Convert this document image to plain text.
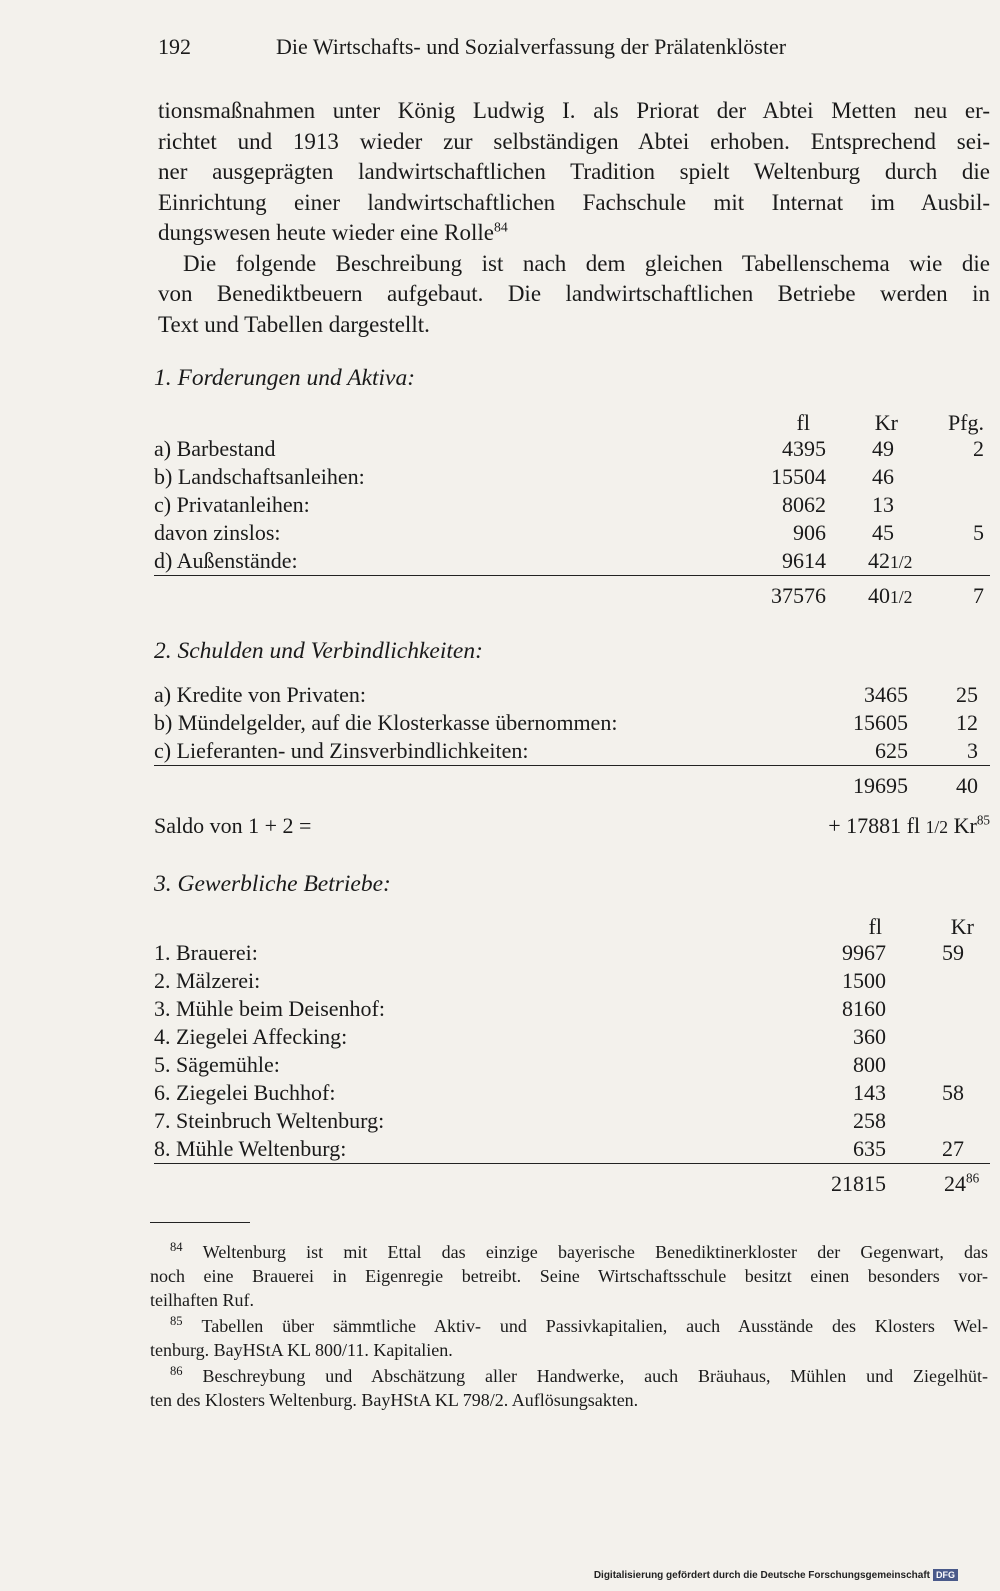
192	Die Wirtschafts- und Sozialverfassung der Prälatenklöster
tionsmaßnahmen unter König Ludwig I. als Priorat der Abtei Metten neu er-
richtet und 1913 wieder zur selbständigen Abtei erhoben. Entsprechend sei-
ner ausgeprägten landwirtschaftlichen Tradition spielt Weltenburg durch die
Einrichtung einer landwirtschaftlichen Fachschule mit Internat im Ausbil-
dungswesen heute wieder eine Rolle$^{84}$
Die folgende Beschreibung ist nach dem gleichen Tabellenschema wie die
von Benediktbeuern aufgebaut. Die landwirtschaftlichen Betriebe werden in
Text und Tabellen dargestellt.
1. Forderungen und Aktiva:
fl	Kr Pfg.
a) Barbestand	4395 49	2
b) Landschaftsanleihen:	15504 46
c) Privatanleihen:	8062 13
davon zinslos:	906 45	5
d) Außenstände:	9614 421/2
37576 401/2	7
2. Schulden und Verbindlichkeiten:
a) Kredite von Privaten:	3465 25
b) Mündelgelder, auf die Klosterkasse übernommen:	15605 12
c) Lieferanten- und Zinsverbindlichkeiten:	625	3
19695 40
Saldo von 1 + 2 =	+ 17881 fl 1/2 Kr$^{85}$
3. Gewerbliche Betriebe:
fl	Kr
1. Brauerei:	9967	59
2. Mälzerei:	1500
3. Mühle beim Deisenhof:	8160
4. Ziegelei Affecking:	360
5. Sägemühle:	800
6. Ziegelei Buchhof:	143	58
7. Steinbruch Weltenburg:	258
8. Mühle Weltenburg:	635	27
21815	$24^{86}$
$^{84}$ Weltenburg ist mit Ettal das einzige bayerische Benediktinerkloster der Gegenwart, das
noch eine Brauerei in Eigenregie betreibt. Seine Wirtschaftsschule besitzt einen besonders vor-
teilhaften Ruf.
$^{85}$ Tabellen über sämmtliche Aktiv- und Passivkapitalien, auch Ausstände des Klosters Wel-
tenburg. BayHStA KL 800/11. Kapitalien.
$^{86}$ Beschreybung und Abschätzung aller Handwerke, auch Bräuhaus, Mühlen und Ziegelhüt-
ten des Klosters Weltenburg. BayHStA KL 798/2. Auflösungsakten.
Digitalisierung gefördert durch die Deutsche Forschungsgemeinschaft DFG
